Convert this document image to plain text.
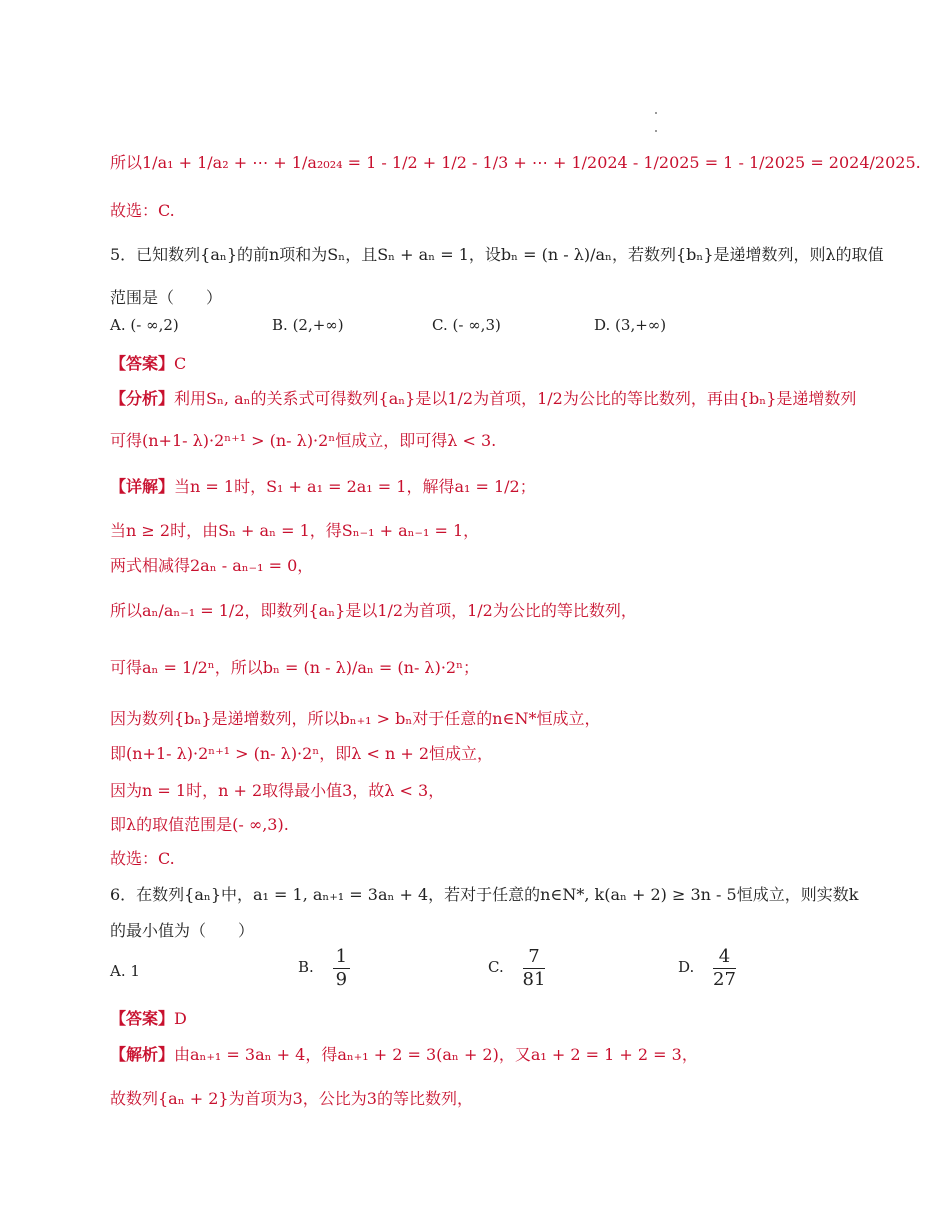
所以1/a₁ + 1/a₂ + ⋯ + 1/a₂₀₂₄ = 1 - 1/2 + 1/2 - 1/3 + ⋯ + 1/2024 - 1/2025 = 1 - 1/2025 = 2024/2025.
故选：C.
5．已知数列{aₙ}的前n项和为Sₙ，且Sₙ + aₙ = 1，设bₙ = (n - λ)/aₙ，若数列{bₙ}是递增数列，则λ的取值
范围是（　　）
A. (- ∞,2)	B. (2,+∞)	C. (- ∞,3)	D. (3,+∞)
【答案】C
【分析】利用Sₙ, aₙ的关系式可得数列{aₙ}是以1/2为首项，1/2为公比的等比数列，再由{bₙ}是递增数列
可得(n+1- λ)·2ⁿ⁺¹ > (n- λ)·2ⁿ恒成立，即可得λ < 3.
【详解】当n = 1时，S₁ + a₁ = 2a₁ = 1，解得a₁ = 1/2；
当n ≥ 2时，由Sₙ + aₙ = 1，得Sₙ₋₁ + aₙ₋₁ = 1，
两式相减得2aₙ - aₙ₋₁ = 0，
所以aₙ/aₙ₋₁ = 1/2，即数列{aₙ}是以1/2为首项，1/2为公比的等比数列，
可得aₙ = 1/2ⁿ，所以bₙ = (n - λ)/aₙ = (n- λ)·2ⁿ；
因为数列{bₙ}是递增数列，所以bₙ₊₁ > bₙ对于任意的n∈N*恒成立，
即(n+1- λ)·2ⁿ⁺¹ > (n- λ)·2ⁿ，即λ < n + 2恒成立，
因为n = 1时，n + 2取得最小值3，故λ < 3，
即λ的取值范围是(- ∞,3).
故选：C.
6．在数列{aₙ}中，a₁ = 1, aₙ₊₁ = 3aₙ + 4，若对于任意的n∈N*, k(aₙ + 2) ≥ 3n - 5恒成立，则实数k
的最小值为（　　）
A. 1	B. $\frac{1}{9}$	C. $\frac{7}{81}$	D. $\frac{4}{27}$
【答案】D
【解析】由aₙ₊₁ = 3aₙ + 4，得aₙ₊₁ + 2 = 3(aₙ + 2)，又a₁ + 2 = 1 + 2 = 3，
故数列{aₙ + 2}为首项为3，公比为3的等比数列，
